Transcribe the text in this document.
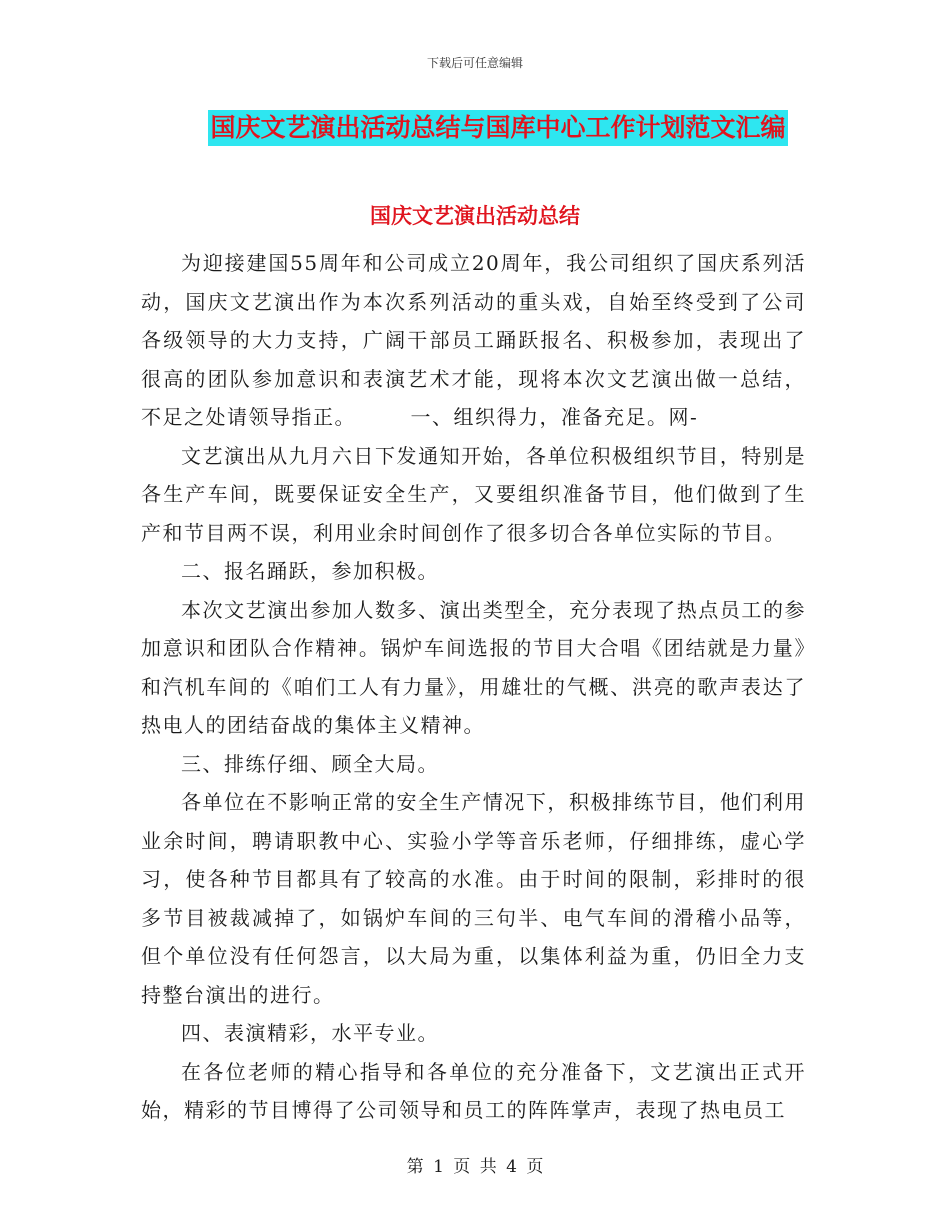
下载后可任意编辑
国庆文艺演出活动总结与国库中心工作计划范文汇编
国庆文艺演出活动总结

为迎接建国55周年和公司成立20周年，我公司组织了国庆系列活动，国庆文艺演出作为本次系列活动的重头戏，自始至终受到了公司各级领导的大力支持，广阔干部员工踊跃报名、积极参加，表现出了很高的团队参加意识和表演艺术才能，现将本次文艺演出做一总结，不足之处请领导指正。　　　一、组织得力，准备充足。网-

文艺演出从九月六日下发通知开始，各单位积极组织节目，特别是各生产车间，既要保证安全生产，又要组织准备节目，他们做到了生产和节目两不误，利用业余时间创作了很多切合各单位实际的节目。

二、报名踊跃，参加积极。

本次文艺演出参加人数多、演出类型全，充分表现了热点员工的参加意识和团队合作精神。锅炉车间选报的节目大合唱《团结就是力量》和汽机车间的《咱们工人有力量》，用雄壮的气概、洪亮的歌声表达了热电人的团结奋战的集体主义精神。

三、排练仔细、顾全大局。

各单位在不影响正常的安全生产情况下，积极排练节目，他们利用业余时间，聘请职教中心、实验小学等音乐老师，仔细排练，虚心学习，使各种节目都具有了较高的水准。由于时间的限制，彩排时的很多节目被裁减掉了，如锅炉车间的三句半、电气车间的滑稽小品等，但个单位没有任何怨言，以大局为重，以集体利益为重，仍旧全力支持整台演出的进行。

四、表演精彩，水平专业。

在各位老师的精心指导和各单位的充分准备下，文艺演出正式开始，精彩的节目博得了公司领导和员工的阵阵掌声，表现了热电员工

第 1 页 共 4 页
